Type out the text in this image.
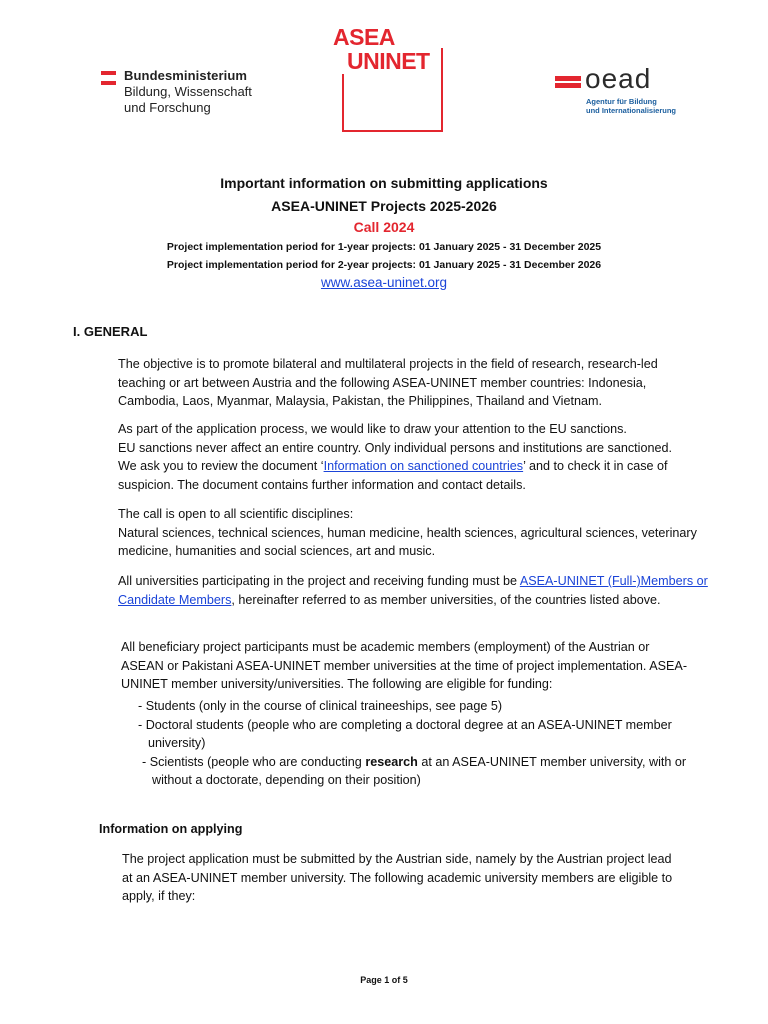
Bundesministerium
Bildung, Wissenschaft
und Forschung
ASEA
UNINET
oead
Agentur für Bildung
und Internationalisierung
Important information on submitting applications
ASEA-UNINET Projects 2025-2026
Call 2024
Project implementation period for 1-year projects: 01 January 2025 - 31 December 2025
Project implementation period for 2-year projects: 01 January 2025 - 31 December 2026
www.asea-uninet.org
I. GENERAL

The objective is to promote bilateral and multilateral projects in the field of research, research-led teaching or art between Austria and the following ASEA-UNINET member countries: Indonesia, Cambodia, Laos, Myanmar, Malaysia, Pakistan, the Philippines, Thailand and Vietnam.

As part of the application process, we would like to draw your attention to the EU sanctions.

EU sanctions never affect an entire country. Only individual persons and institutions are sanctioned.

We ask you to review the document ‘Information on sanctioned countries’ and to check it in case of suspicion. The document contains further information and contact details.

The call is open to all scientific disciplines:

Natural sciences, technical sciences, human medicine, health sciences, agricultural sciences, veterinary medicine, humanities and social sciences, art and music.

All universities participating in the project and receiving funding must be ASEA-UNINET (Full-)Members or Candidate Members, hereinafter referred to as member universities, of the countries listed above.

All beneficiary project participants must be academic members (employment) of the Austrian or ASEAN or Pakistani ASEA-UNINET member universities at the time of project implementation. ASEA-UNINET member university/universities. The following are eligible for funding:

- Students (only in the course of clinical traineeships, see page 5)
- Doctoral students (people who are completing a doctoral degree at an ASEA-UNINET member university)
- Scientists (people who are conducting research at an ASEA-UNINET member university, with or without a doctorate, depending on their position)
Information on applying

The project application must be submitted by the Austrian side, namely by the Austrian project lead at an ASEA-UNINET member university. The following academic university members are eligible to apply, if they:

Page 1 of 5
